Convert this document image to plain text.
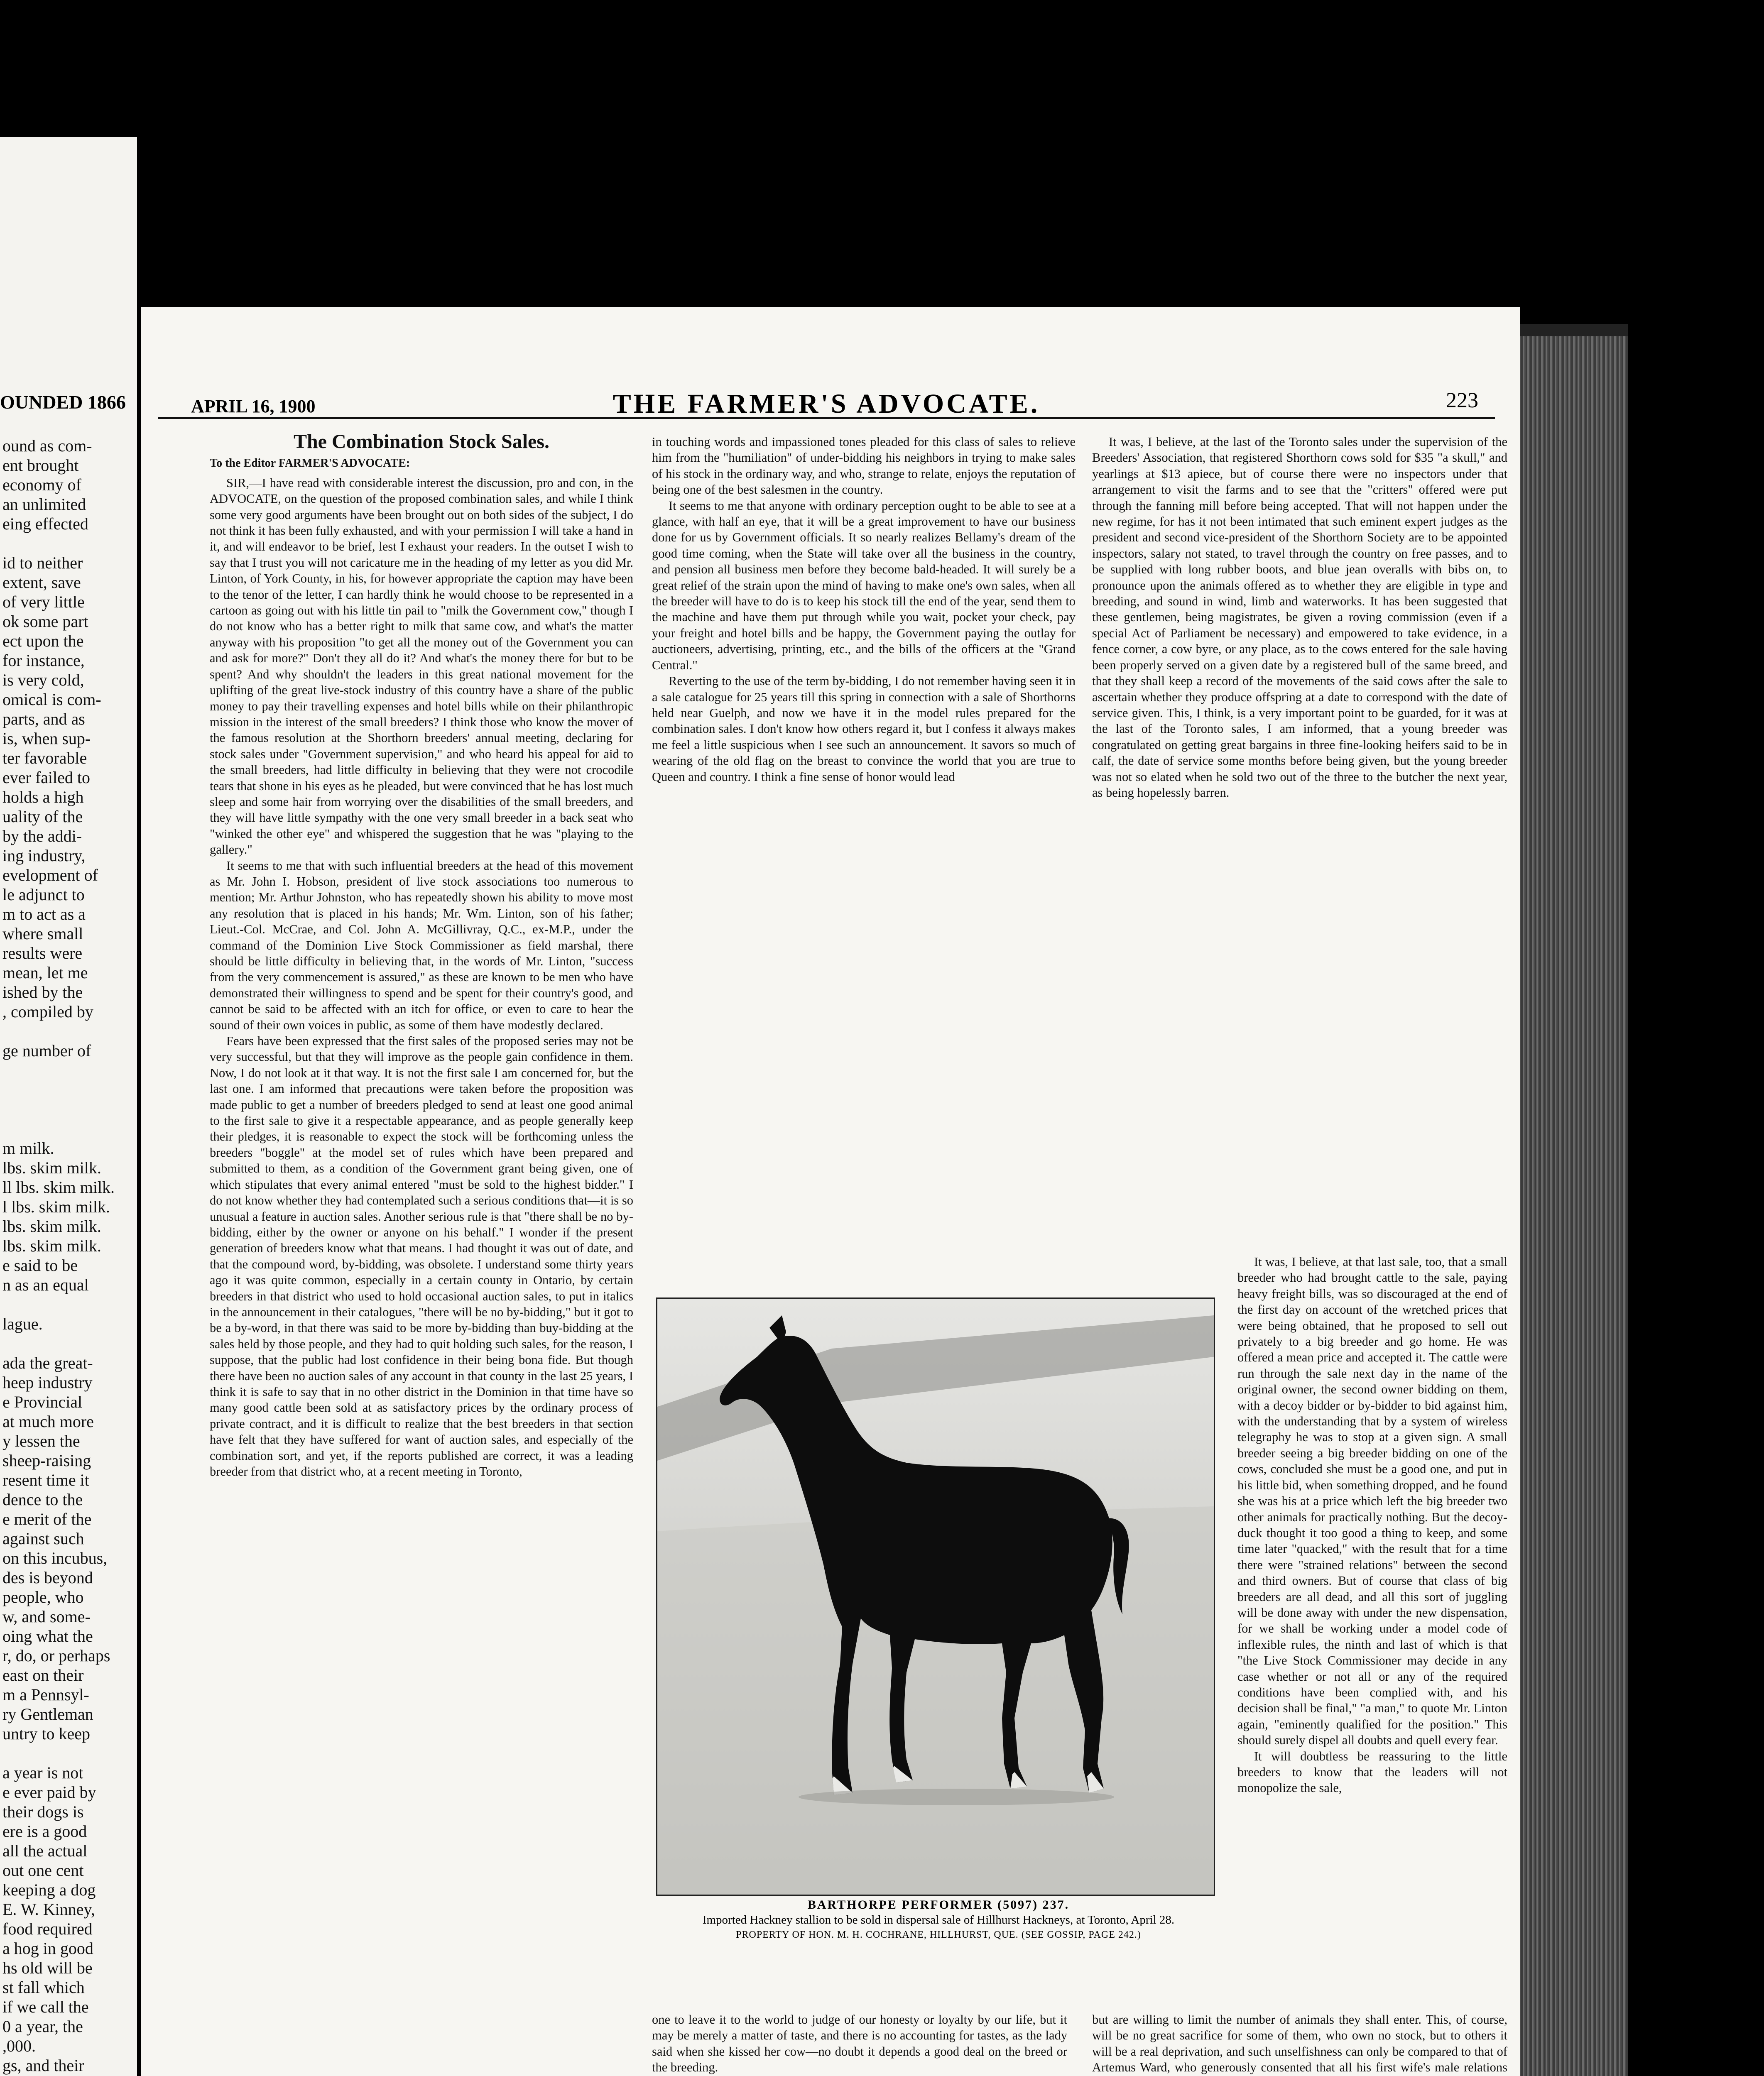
OUNDED 1866
ound as com-
ent brought
economy of
an unlimited
eing effected

id to neither
extent, save
of very little
ok some part
ect upon the
for instance,
is very cold,
omical is com-
parts, and as
is, when sup-
ter favorable
ever failed to
holds a high
uality of the
by the addi-
ing industry,
evelopment of
le adjunct to
m to act as a
where small
results were
mean, let me
ished by the
, compiled by

ge number of

m milk.
lbs. skim milk.
ll lbs. skim milk.
l lbs. skim milk.
lbs. skim milk.
lbs. skim milk.
e said to be
n as an equal

lague.

ada the great-
heep industry
e Provincial
at much more
y lessen the
sheep-raising
resent time it
dence to the
e merit of the
against such
on this incubus,
des is beyond
people, who
w, and some-
oing what the
r, do, or perhaps
east on their
m a Pennsyl-
ry Gentleman
untry to keep

a year is not
e ever paid by
their dogs is
ere is a good
all the actual
out one cent
keeping a dog
E. W. Kinney,
food required
a hog in good
hs old will be
st fall which
if we call the
0 a year, the
,000.
gs, and their

APRIL 16, 1900	THE FARMER'S ADVOCATE.	223

The Combination Stock Sales.

To the Editor FARMER'S ADVOCATE:

SIR,—I have read with considerable interest the discussion, pro and con, in the ADVOCATE, on the question of the proposed combination sales, and while I think some very good arguments have been brought out on both sides of the subject, I do not think it has been fully exhausted, and with your permission I will take a hand in it, and will endeavor to be brief, lest I exhaust your readers. In the outset I wish to say that I trust you will not caricature me in the heading of my letter as you did Mr. Linton, of York County, in his, for however appropriate the caption may have been to the tenor of the letter, I can hardly think he would choose to be represented in a cartoon as going out with his little tin pail to "milk the Government cow," though I do not know who has a better right to milk that same cow, and what's the matter anyway with his proposition "to get all the money out of the Government you can and ask for more?" Don't they all do it? And what's the money there for but to be spent? And why shouldn't the leaders in this great national movement for the uplifting of the great live-stock industry of this country have a share of the public money to pay their travelling expenses and hotel bills while on their philanthropic mission in the interest of the small breeders? I think those who know the mover of the famous resolution at the Shorthorn breeders' annual meeting, declaring for stock sales under "Government supervision," and who heard his appeal for aid to the small breeders, had little difficulty in believing that they were not crocodile tears that shone in his eyes as he pleaded, but were convinced that he has lost much sleep and some hair from worrying over the disabilities of the small breeders, and they will have little sympathy with the one very small breeder in a back seat who "winked the other eye" and whispered the suggestion that he was "playing to the gallery."

It seems to me that with such influential breeders at the head of this movement as Mr. John I. Hobson, president of live stock associations too numerous to mention; Mr. Arthur Johnston, who has repeatedly shown his ability to move most any resolution that is placed in his hands; Mr. Wm. Linton, son of his father; Lieut.-Col. McCrae, and Col. John A. McGillivray, Q.C., ex-M.P., under the command of the Dominion Live Stock Commissioner as field marshal, there should be little difficulty in believing that, in the words of Mr. Linton, "success from the very commencement is assured," as these are known to be men who have demonstrated their willingness to spend and be spent for their country's good, and cannot be said to be affected with an itch for office, or even to care to hear the sound of their own voices in public, as some of them have modestly declared.

Fears have been expressed that the first sales of the proposed series may not be very successful, but that they will improve as the people gain confidence in them. Now, I do not look at it that way. It is not the first sale I am concerned for, but the last one. I am informed that precautions were taken before the proposition was made public to get a number of breeders pledged to send at least one good animal to the first sale to give it a respectable appearance, and as people generally keep their pledges, it is reasonable to expect the stock will be forthcoming unless the breeders "boggle" at the model set of rules which have been prepared and submitted to them, as a condition of the Government grant being given, one of which stipulates that every animal entered "must be sold to the highest bidder." I do not know whether they had contemplated such a serious conditions that—it is so unusual a feature in auction sales. Another serious rule is that "there shall be no by-bidding, either by the owner or anyone on his behalf." I wonder if the present generation of breeders know what that means. I had thought it was out of date, and that the compound word, by-bidding, was obsolete. I understand some thirty years ago it was quite common, especially in a certain county in Ontario, by certain breeders in that district who used to hold occasional auction sales, to put in italics in the announcement in their catalogues, "there will be no by-bidding," but it got to be a by-word, in that there was said to be more by-bidding than buy-bidding at the sales held by those people, and they had to quit holding such sales, for the reason, I suppose, that the public had lost confidence in their being bona fide. But though there have been no auction sales of any account in that county in the last 25 years, I think it is safe to say that in no other district in the Dominion in that time have so many good cattle been sold at as satisfactory prices by the ordinary process of private contract, and it is difficult to realize that the best breeders in that section have felt that they have suffered for want of auction sales, and especially of the combination sort, and yet, if the reports published are correct, it was a leading breeder from that district who, at a recent meeting in Toronto,

in touching words and impassioned tones pleaded for this class of sales to relieve him from the "humiliation" of under-bidding his neighbors in trying to make sales of his stock in the ordinary way, and who, strange to relate, enjoys the reputation of being one of the best salesmen in the country.

It seems to me that anyone with ordinary perception ought to be able to see at a glance, with half an eye, that it will be a great improvement to have our business done for us by Government officials. It so nearly realizes Bellamy's dream of the good time coming, when the State will take over all the business in the country, and pension all business men before they become bald-headed. It will surely be a great relief of the strain upon the mind of having to make one's own sales, when all the breeder will have to do is to keep his stock till the end of the year, send them to the machine and have them put through while you wait, pocket your check, pay your freight and hotel bills and be happy, the Government paying the outlay for auctioneers, advertising, printing, etc., and the bills of the officers at the "Grand Central."

Reverting to the use of the term by-bidding, I do not remember having seen it in a sale catalogue for 25 years till this spring in connection with a sale of Shorthorns held near Guelph, and now we have it in the model rules prepared for the combination sales. I don't know how others regard it, but I confess it always makes me feel a little suspicious when I see such an announcement. It savors so much of wearing of the old flag on the breast to convince the world that you are true to Queen and country. I think a fine sense of honor would lead

It was, I believe, at the last of the Toronto sales under the supervision of the Breeders' Association, that registered Shorthorn cows sold for $35 "a skull," and yearlings at $13 apiece, but of course there were no inspectors under that arrangement to visit the farms and to see that the "critters" offered were put through the fanning mill before being accepted. That will not happen under the new regime, for has it not been intimated that such eminent expert judges as the president and second vice-president of the Shorthorn Society are to be appointed inspectors, salary not stated, to travel through the country on free passes, and to be supplied with long rubber boots, and blue jean overalls with bibs on, to pronounce upon the animals offered as to whether they are eligible in type and breeding, and sound in wind, limb and waterworks. It has been suggested that these gentlemen, being magistrates, be given a roving commission (even if a special Act of Parliament be necessary) and empowered to take evidence, in a fence corner, a cow byre, or any place, as to the cows entered for the sale having been properly served on a given date by a registered bull of the same breed, and that they shall keep a record of the movements of the said cows after the sale to ascertain whether they produce offspring at a date to correspond with the date of service given. This, I think, is a very important point to be guarded, for it was at the last of the Toronto sales, I am informed, that a young breeder was congratulated on getting great bargains in three fine-looking heifers said to be in calf, the date of service some months before being given, but the young breeder was not so elated when he sold two out of the three to the butcher the next year, as being hopelessly barren.

It was, I believe, at that last sale, too, that a small breeder who had brought cattle to the sale, paying heavy freight bills, was so discouraged at the end of the first day on account of the wretched prices that were being obtained, that he proposed to sell out privately to a big breeder and go home. He was offered a mean price and accepted it. The cattle were run through the sale next day in the name of the original owner, the second owner bidding on them, with a decoy bidder or by-bidder to bid against him, with the understanding that by a system of wireless telegraphy he was to stop at a given sign. A small breeder seeing a big breeder bidding on one of the cows, concluded she must be a good one, and put in his little bid, when something dropped, and he found she was his at a price which left the big breeder two other animals for practically nothing. But the decoy-duck thought it too good a thing to keep, and some time later "quacked," with the result that for a time there were "strained relations" between the second and third owners. But of course that class of big breeders are all dead, and all this sort of juggling will be done away with under the new dispensation, for we shall be working under a model code of inflexible rules, the ninth and last of which is that "the Live Stock Commissioner may decide in any case whether or not all or any of the required conditions have been complied with, and his decision shall be final," "a man," to quote Mr. Linton again, "eminently qualified for the position." This should surely dispel all doubts and quell every fear.

It will doubtless be reassuring to the little breeders to know that the leaders will not monopolize the sale,

one to leave it to the world to judge of our honesty or loyalty by our life, but it may be merely a matter of taste, and there is no accounting for tastes, as the lady said when she kissed her cow—no doubt it depends a good deal on the breed or the breeding.

but are willing to limit the number of animals they shall enter. This, of course, will be no great sacrifice for some of them, who own no stock, but to others it will be a real deprivation, and such unselfishness can only be compared to that of Artemus Ward, who generously consented that all his first wife's male relations

BARTHORPE PERFORMER (5097) 237.
Imported Hackney stallion to be sold in dispersal sale of Hillhurst Hackneys, at Toronto, April 28.
PROPERTY OF HON. M. H. COCHRANE, HILLHURST, QUE. (SEE GOSSIP, PAGE 242.)
